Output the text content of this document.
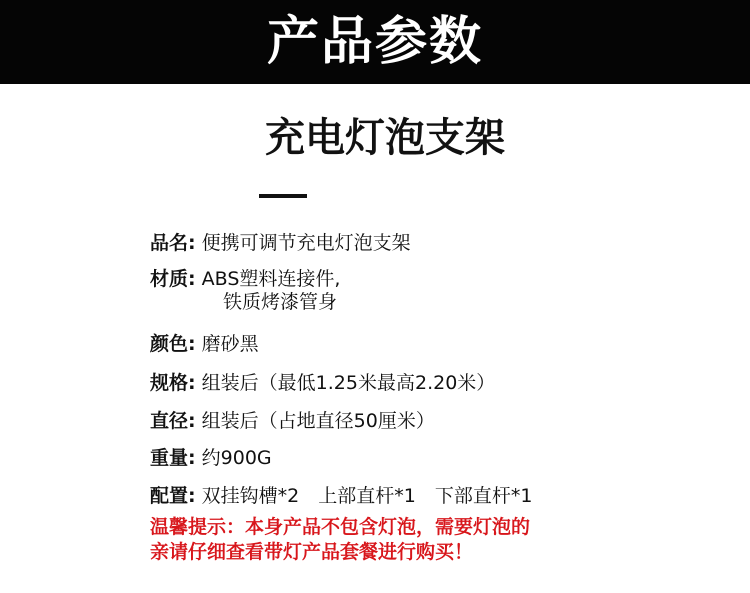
产品参数
充电灯泡支架
品名: 便携可调节充电灯泡支架
材质: ABS塑料连接件,
铁质烤漆管身
颜色: 磨砂黑
规格: 组装后（最低1.25米最高2.20米）
直径: 组装后（占地直径50厘米）
重量: 约900G
配置: 双挂钩槽*2　上部直杆*1　下部直杆*1
温馨提示：本身产品不包含灯泡，需要灯泡的
亲请仔细查看带灯产品套餐进行购买！
